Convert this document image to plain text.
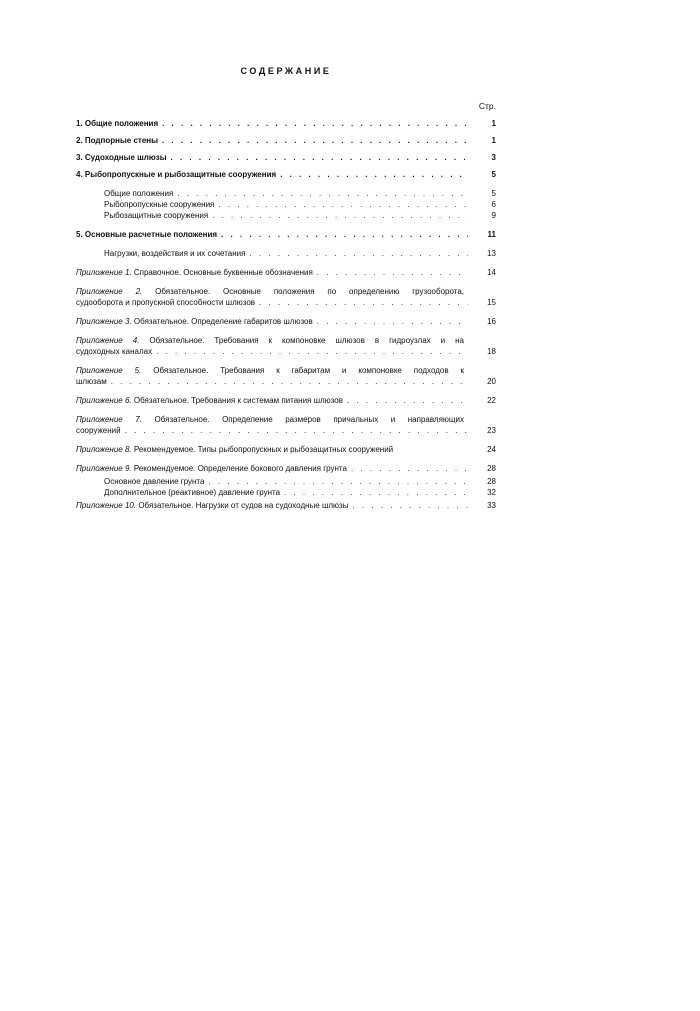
СОДЕРЖАНИЕ
Стр.
1. Общие положения . . .	1
2. Подпорные стены . . .	1
3. Судоходные шлюзы . . .	3
4. Рыбопропускные и рыбозащитные сооружения . . .	5
Общие положения . . .	5
Рыбопропускные сооружения . . .	6
Рыбозащитные сооружения . . .	9
5. Основные расчетные положения . . .	11
Нагрузки, воздействия и их сочетания . . .	13
Приложение 1. Справочное. Основные буквенные обозначения . . .	14
Приложение 2. Обязательное. Основные положения по определению грузооборота,
судооборота и пропускной способности шлюзов . . .	15
Приложение 3. Обязательное. Определение габаритов шлюзов . . .	16
Приложение 4. Обязательное. Требования к компоновке шлюзов в гидроузлах и на
судоходных каналах . . .	18
Приложение 5. Обязательное. Требования к габаритам и компоновке подходов к
шлюзам . . .	20
Приложение 6. Обязательное. Требования к системам питания шлюзов . . .	22
Приложение 7. Обязательное. Определение размеров причальных и направляющих
сооружений . . .	23
Приложение 8. Рекомендуемое. Типы рыбопропускных и рыбозащитных сооружений	24
Приложение 9. Рекомендуемое. Определение бокового давления грунта . . .	28
Основное давление грунта . . .	28
Дополнительное (реактивное) давление грунта . . .	32
Приложение 10. Обязательное. Нагрузки от судов на судоходные шлюзы . . .	33
